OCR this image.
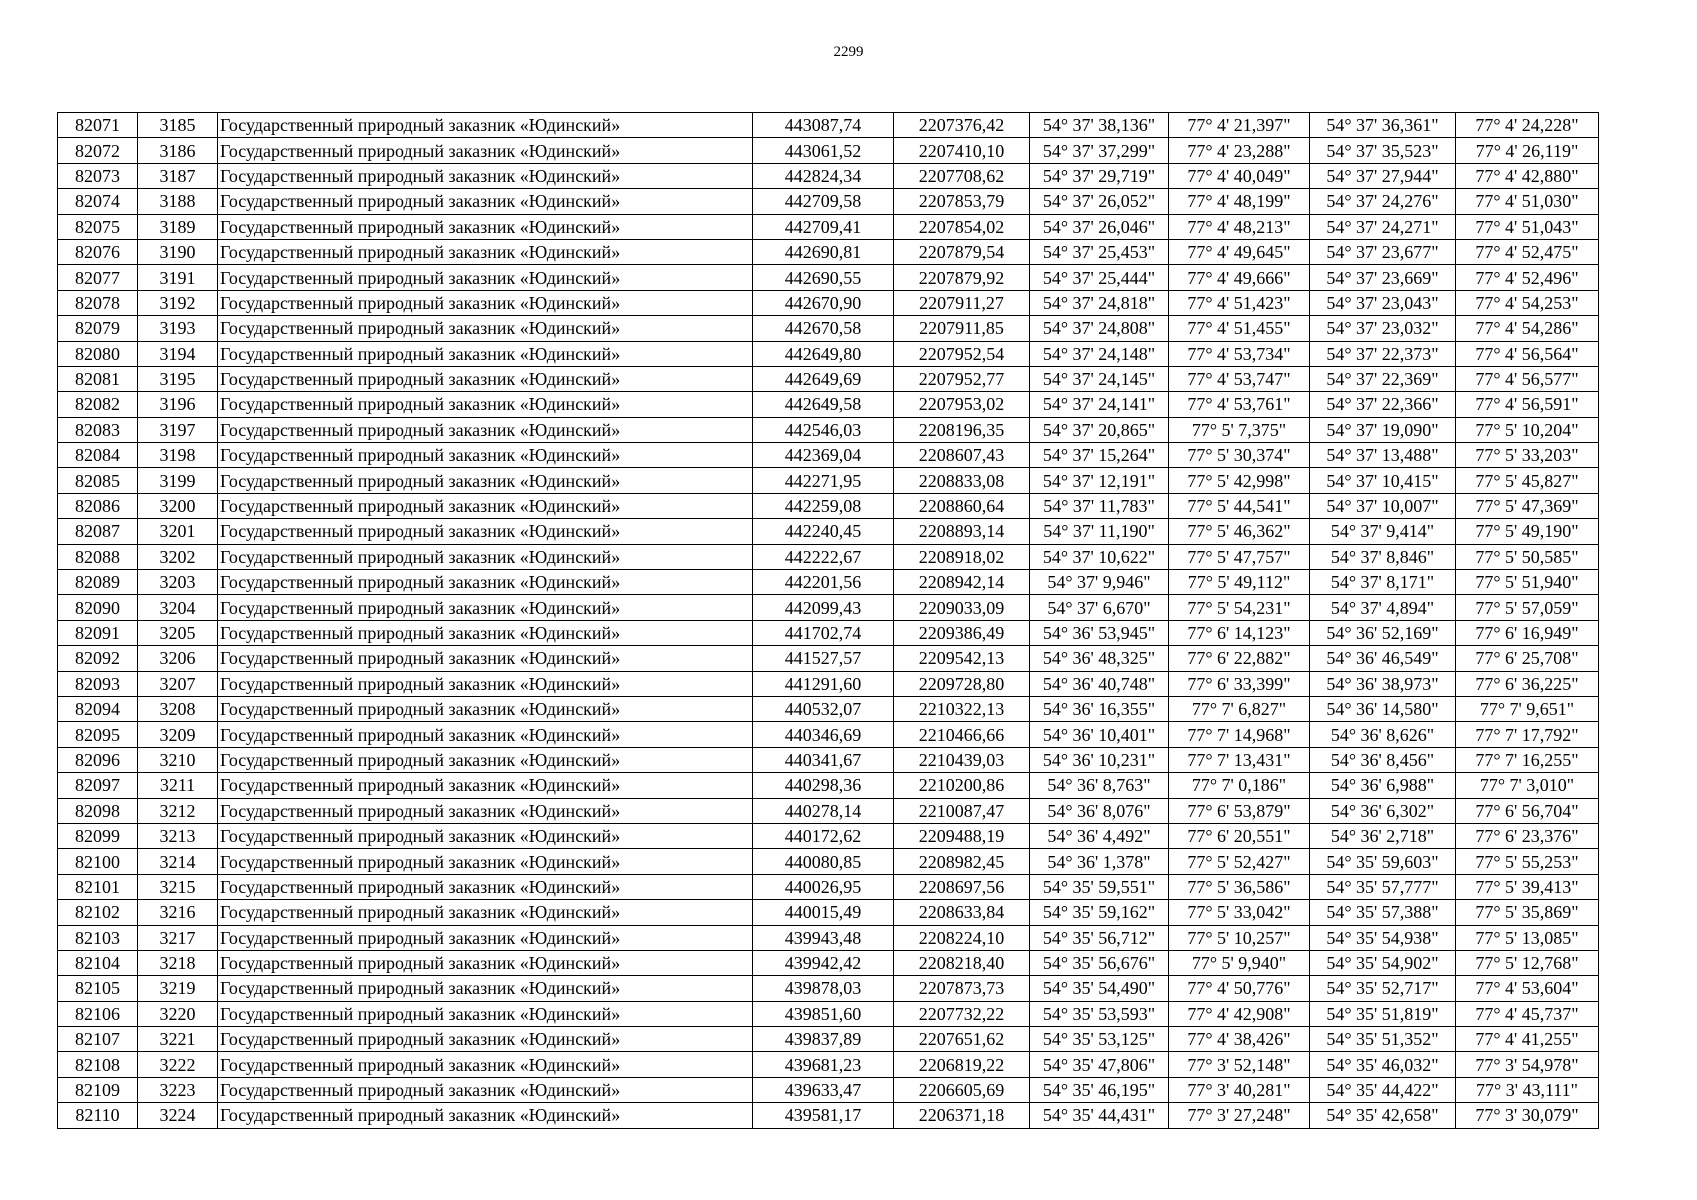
2299
82071	3185	Государственный природный заказник «Юдинский»	443087,74	2207376,42	54° 37' 38,136"	77° 4' 21,397"	54° 37' 36,361"	77° 4' 24,228"
82072	3186	Государственный природный заказник «Юдинский»	443061,52	2207410,10	54° 37' 37,299"	77° 4' 23,288"	54° 37' 35,523"	77° 4' 26,119"
82073	3187	Государственный природный заказник «Юдинский»	442824,34	2207708,62	54° 37' 29,719"	77° 4' 40,049"	54° 37' 27,944"	77° 4' 42,880"
82074	3188	Государственный природный заказник «Юдинский»	442709,58	2207853,79	54° 37' 26,052"	77° 4' 48,199"	54° 37' 24,276"	77° 4' 51,030"
82075	3189	Государственный природный заказник «Юдинский»	442709,41	2207854,02	54° 37' 26,046"	77° 4' 48,213"	54° 37' 24,271"	77° 4' 51,043"
82076	3190	Государственный природный заказник «Юдинский»	442690,81	2207879,54	54° 37' 25,453"	77° 4' 49,645"	54° 37' 23,677"	77° 4' 52,475"
82077	3191	Государственный природный заказник «Юдинский»	442690,55	2207879,92	54° 37' 25,444"	77° 4' 49,666"	54° 37' 23,669"	77° 4' 52,496"
82078	3192	Государственный природный заказник «Юдинский»	442670,90	2207911,27	54° 37' 24,818"	77° 4' 51,423"	54° 37' 23,043"	77° 4' 54,253"
82079	3193	Государственный природный заказник «Юдинский»	442670,58	2207911,85	54° 37' 24,808"	77° 4' 51,455"	54° 37' 23,032"	77° 4' 54,286"
82080	3194	Государственный природный заказник «Юдинский»	442649,80	2207952,54	54° 37' 24,148"	77° 4' 53,734"	54° 37' 22,373"	77° 4' 56,564"
82081	3195	Государственный природный заказник «Юдинский»	442649,69	2207952,77	54° 37' 24,145"	77° 4' 53,747"	54° 37' 22,369"	77° 4' 56,577"
82082	3196	Государственный природный заказник «Юдинский»	442649,58	2207953,02	54° 37' 24,141"	77° 4' 53,761"	54° 37' 22,366"	77° 4' 56,591"
82083	3197	Государственный природный заказник «Юдинский»	442546,03	2208196,35	54° 37' 20,865"	77° 5' 7,375"	54° 37' 19,090"	77° 5' 10,204"
82084	3198	Государственный природный заказник «Юдинский»	442369,04	2208607,43	54° 37' 15,264"	77° 5' 30,374"	54° 37' 13,488"	77° 5' 33,203"
82085	3199	Государственный природный заказник «Юдинский»	442271,95	2208833,08	54° 37' 12,191"	77° 5' 42,998"	54° 37' 10,415"	77° 5' 45,827"
82086	3200	Государственный природный заказник «Юдинский»	442259,08	2208860,64	54° 37' 11,783"	77° 5' 44,541"	54° 37' 10,007"	77° 5' 47,369"
82087	3201	Государственный природный заказник «Юдинский»	442240,45	2208893,14	54° 37' 11,190"	77° 5' 46,362"	54° 37' 9,414"	77° 5' 49,190"
82088	3202	Государственный природный заказник «Юдинский»	442222,67	2208918,02	54° 37' 10,622"	77° 5' 47,757"	54° 37' 8,846"	77° 5' 50,585"
82089	3203	Государственный природный заказник «Юдинский»	442201,56	2208942,14	54° 37' 9,946"	77° 5' 49,112"	54° 37' 8,171"	77° 5' 51,940"
82090	3204	Государственный природный заказник «Юдинский»	442099,43	2209033,09	54° 37' 6,670"	77° 5' 54,231"	54° 37' 4,894"	77° 5' 57,059"
82091	3205	Государственный природный заказник «Юдинский»	441702,74	2209386,49	54° 36' 53,945"	77° 6' 14,123"	54° 36' 52,169"	77° 6' 16,949"
82092	3206	Государственный природный заказник «Юдинский»	441527,57	2209542,13	54° 36' 48,325"	77° 6' 22,882"	54° 36' 46,549"	77° 6' 25,708"
82093	3207	Государственный природный заказник «Юдинский»	441291,60	2209728,80	54° 36' 40,748"	77° 6' 33,399"	54° 36' 38,973"	77° 6' 36,225"
82094	3208	Государственный природный заказник «Юдинский»	440532,07	2210322,13	54° 36' 16,355"	77° 7' 6,827"	54° 36' 14,580"	77° 7' 9,651"
82095	3209	Государственный природный заказник «Юдинский»	440346,69	2210466,66	54° 36' 10,401"	77° 7' 14,968"	54° 36' 8,626"	77° 7' 17,792"
82096	3210	Государственный природный заказник «Юдинский»	440341,67	2210439,03	54° 36' 10,231"	77° 7' 13,431"	54° 36' 8,456"	77° 7' 16,255"
82097	3211	Государственный природный заказник «Юдинский»	440298,36	2210200,86	54° 36' 8,763"	77° 7' 0,186"	54° 36' 6,988"	77° 7' 3,010"
82098	3212	Государственный природный заказник «Юдинский»	440278,14	2210087,47	54° 36' 8,076"	77° 6' 53,879"	54° 36' 6,302"	77° 6' 56,704"
82099	3213	Государственный природный заказник «Юдинский»	440172,62	2209488,19	54° 36' 4,492"	77° 6' 20,551"	54° 36' 2,718"	77° 6' 23,376"
82100	3214	Государственный природный заказник «Юдинский»	440080,85	2208982,45	54° 36' 1,378"	77° 5' 52,427"	54° 35' 59,603"	77° 5' 55,253"
82101	3215	Государственный природный заказник «Юдинский»	440026,95	2208697,56	54° 35' 59,551"	77° 5' 36,586"	54° 35' 57,777"	77° 5' 39,413"
82102	3216	Государственный природный заказник «Юдинский»	440015,49	2208633,84	54° 35' 59,162"	77° 5' 33,042"	54° 35' 57,388"	77° 5' 35,869"
82103	3217	Государственный природный заказник «Юдинский»	439943,48	2208224,10	54° 35' 56,712"	77° 5' 10,257"	54° 35' 54,938"	77° 5' 13,085"
82104	3218	Государственный природный заказник «Юдинский»	439942,42	2208218,40	54° 35' 56,676"	77° 5' 9,940"	54° 35' 54,902"	77° 5' 12,768"
82105	3219	Государственный природный заказник «Юдинский»	439878,03	2207873,73	54° 35' 54,490"	77° 4' 50,776"	54° 35' 52,717"	77° 4' 53,604"
82106	3220	Государственный природный заказник «Юдинский»	439851,60	2207732,22	54° 35' 53,593"	77° 4' 42,908"	54° 35' 51,819"	77° 4' 45,737"
82107	3221	Государственный природный заказник «Юдинский»	439837,89	2207651,62	54° 35' 53,125"	77° 4' 38,426"	54° 35' 51,352"	77° 4' 41,255"
82108	3222	Государственный природный заказник «Юдинский»	439681,23	2206819,22	54° 35' 47,806"	77° 3' 52,148"	54° 35' 46,032"	77° 3' 54,978"
82109	3223	Государственный природный заказник «Юдинский»	439633,47	2206605,69	54° 35' 46,195"	77° 3' 40,281"	54° 35' 44,422"	77° 3' 43,111"
82110	3224	Государственный природный заказник «Юдинский»	439581,17	2206371,18	54° 35' 44,431"	77° 3' 27,248"	54° 35' 42,658"	77° 3' 30,079"
